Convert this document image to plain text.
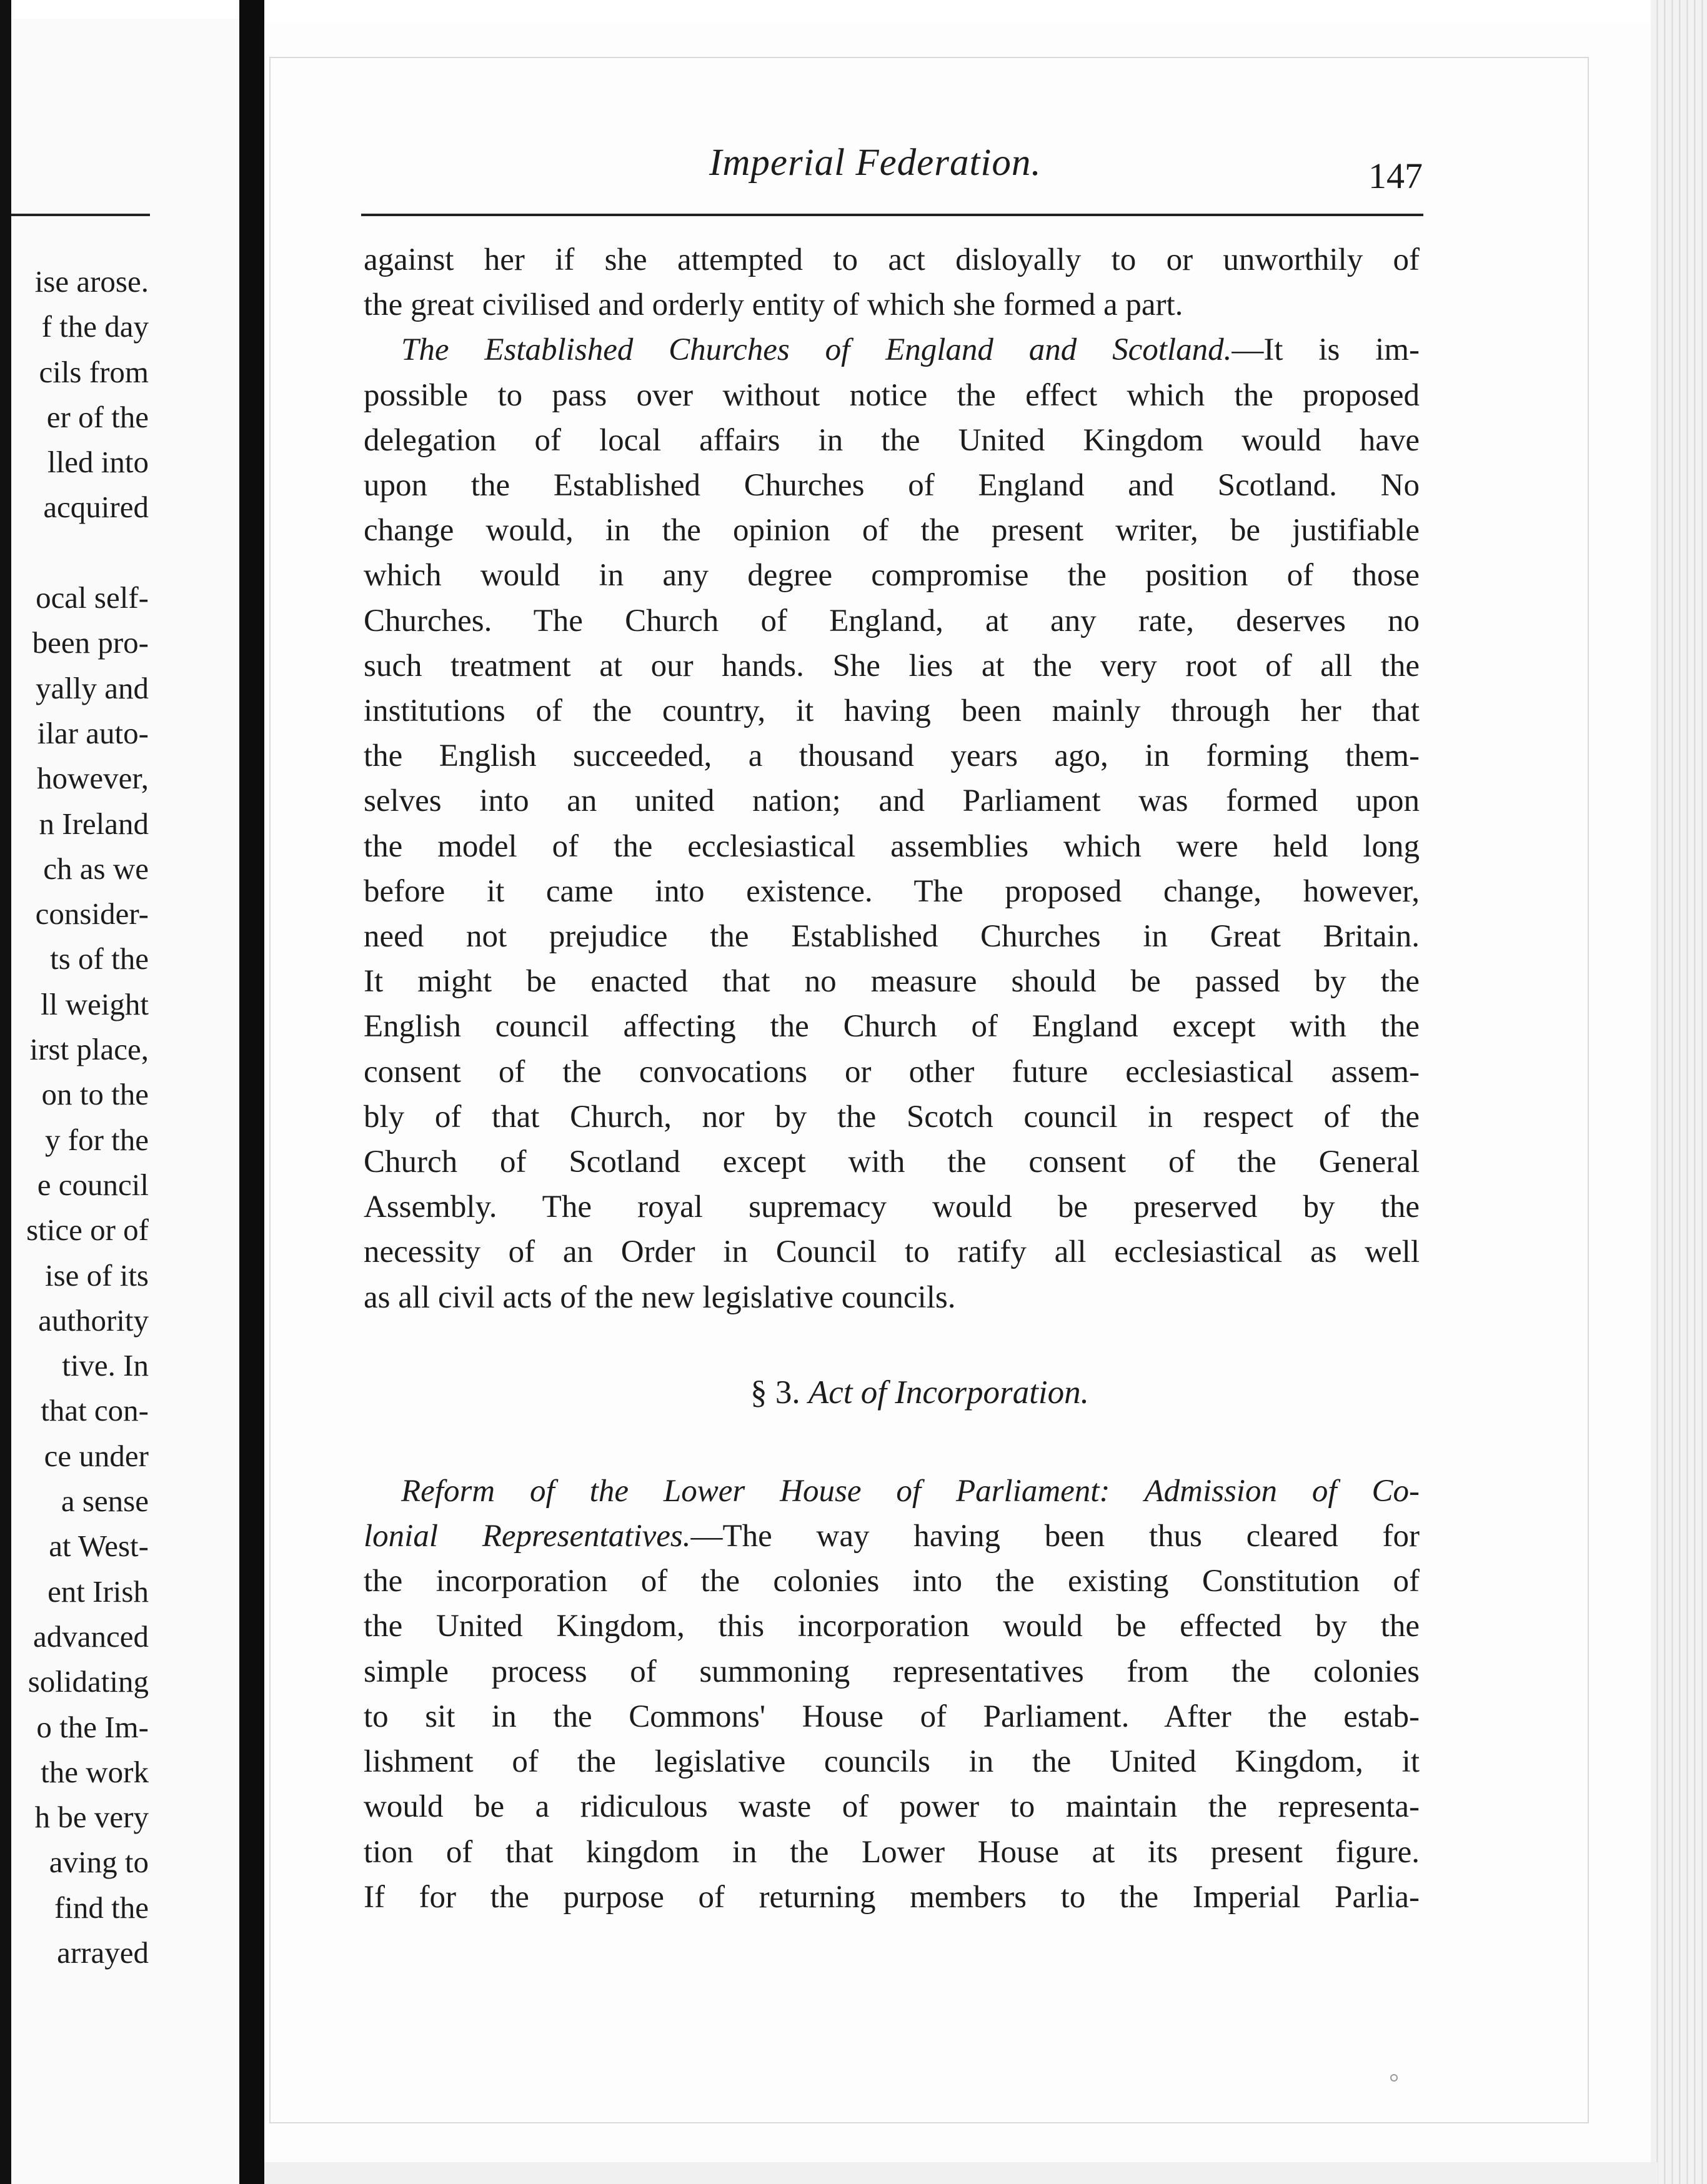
ise arose.
f the day
cils from
er of the
lled into
acquired

ocal self-
been pro-
yally and
ilar auto-
however,
n Ireland
ch as we
consider-
ts of the
ll weight
irst place,
on to the
y for the
e council
stice or of
ise of its
authority
tive. In
that con-
ce under
a sense
at West-
ent Irish
advanced
solidating
o the Im-
the work
h be very
aving to
find the
arrayed
Imperial Federation.	147
against her if she attempted to act disloyally to or unworthily of
the great civilised and orderly entity of which she formed a part.
The Established Churches of England and Scotland.—It is im-
possible to pass over without notice the effect which the proposed
delegation of local affairs in the United Kingdom would have
upon the Established Churches of England and Scotland. No
change would, in the opinion of the present writer, be justifiable
which would in any degree compromise the position of those
Churches. The Church of England, at any rate, deserves no
such treatment at our hands. She lies at the very root of all the
institutions of the country, it having been mainly through her that
the English succeeded, a thousand years ago, in forming them-
selves into an united nation; and Parliament was formed upon
the model of the ecclesiastical assemblies which were held long
before it came into existence. The proposed change, however,
need not prejudice the Established Churches in Great Britain.
It might be enacted that no measure should be passed by the
English council affecting the Church of England except with the
consent of the convocations or other future ecclesiastical assem-
bly of that Church, nor by the Scotch council in respect of the
Church of Scotland except with the consent of the General
Assembly. The royal supremacy would be preserved by the
necessity of an Order in Council to ratify all ecclesiastical as well
as all civil acts of the new legislative councils.
§ 3. Act of Incorporation.
Reform of the Lower House of Parliament: Admission of Co-
lonial Representatives.—The way having been thus cleared for
the incorporation of the colonies into the existing Constitution of
the United Kingdom, this incorporation would be effected by the
simple process of summoning representatives from the colonies
to sit in the Commons' House of Parliament. After the estab-
lishment of the legislative councils in the United Kingdom, it
would be a ridiculous waste of power to maintain the representa-
tion of that kingdom in the Lower House at its present figure.
If for the purpose of returning members to the Imperial Parlia-
